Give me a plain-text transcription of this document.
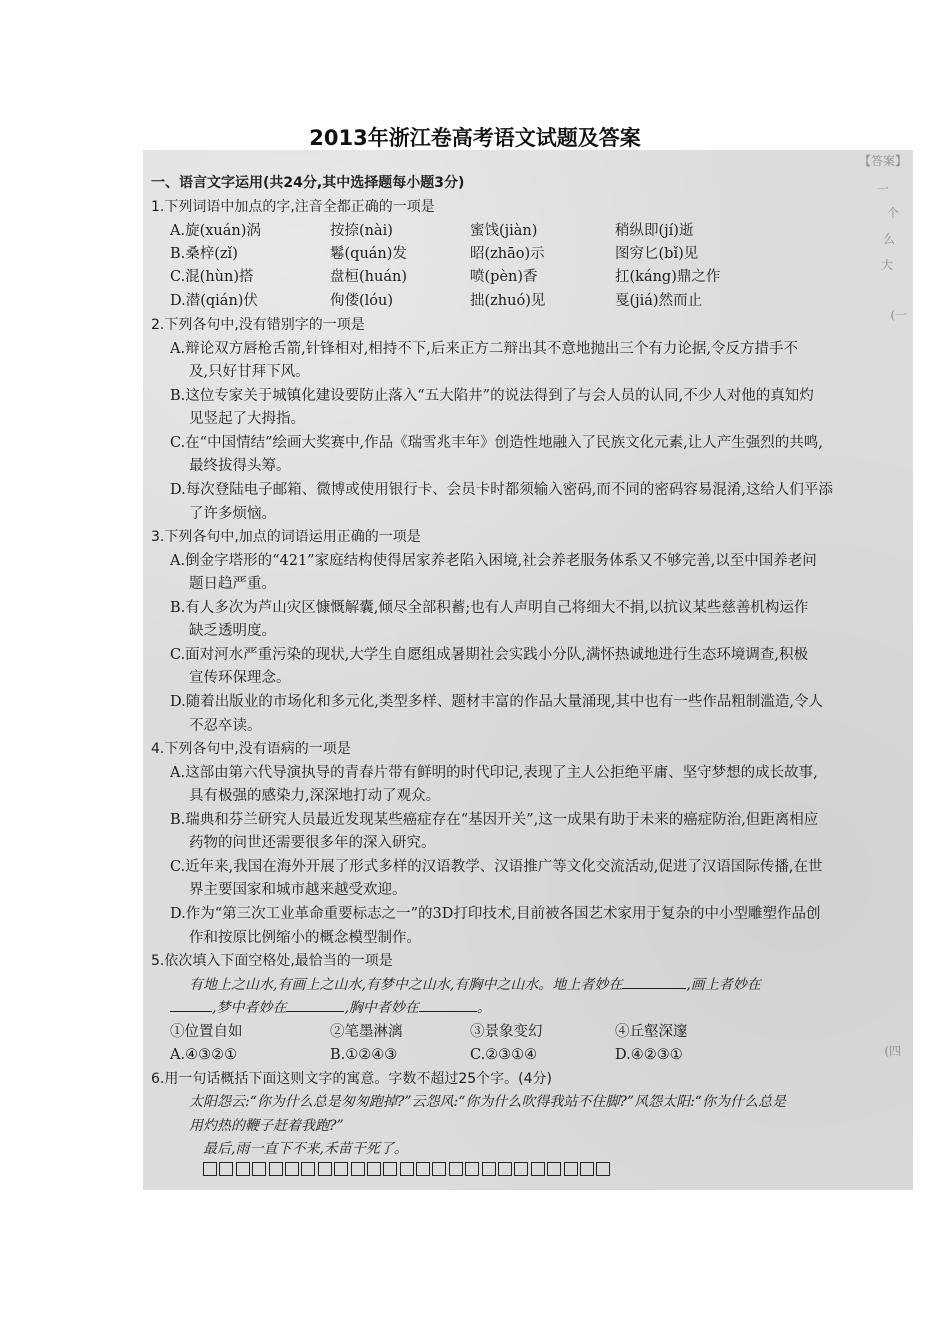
2013年浙江卷高考语文试题及答案
一、语言文字运用(共24分,其中选择题每小题3分)
1.下列词语中加点的字,注音全都正确的一项是
A.旋(xuán)涡	按捺(nài)	蜜饯(jiàn)	稍纵即(jí)逝
B.桑梓(zǐ)	鬈(quán)发	昭(zhāo)示	图穷匕(bǐ)见
C.混(hùn)搭	盘桓(huán)	喷(pèn)香	扛(káng)鼎之作
D.潜(qián)伏	佝偻(lóu)	拙(zhuó)见	戛(jiá)然而止
2.下列各句中,没有错别字的一项是
A.辩论双方唇枪舌箭,针锋相对,相持不下,后来正方二辩出其不意地抛出三个有力论据,令反方措手不
及,只好甘拜下风。
B.这位专家关于城镇化建设要防止落入“五大陷井”的说法得到了与会人员的认同,不少人对他的真知灼
见竖起了大拇指。
C.在“中国情结”绘画大奖赛中,作品《瑞雪兆丰年》创造性地融入了民族文化元素,让人产生强烈的共鸣,
最终拔得头筹。
D.每次登陆电子邮箱、微博或使用银行卡、会员卡时都须输入密码,而不同的密码容易混淆,这给人们平添
了许多烦恼。
3.下列各句中,加点的词语运用正确的一项是
A.倒金字塔形的“421”家庭结构使得居家养老陷入困境,社会养老服务体系又不够完善,以至中国养老问
题日趋严重。
B.有人多次为芦山灾区慷慨解囊,倾尽全部积蓄;也有人声明自己将细大不捐,以抗议某些慈善机构运作
缺乏透明度。
C.面对河水严重污染的现状,大学生自愿组成暑期社会实践小分队,满怀热诚地进行生态环境调查,积极
宣传环保理念。
D.随着出版业的市场化和多元化,类型多样、题材丰富的作品大量涌现,其中也有一些作品粗制滥造,令人
不忍卒读。
4.下列各句中,没有语病的一项是
A.这部由第六代导演执导的青春片带有鲜明的时代印记,表现了主人公拒绝平庸、坚守梦想的成长故事,
具有极强的感染力,深深地打动了观众。
B.瑞典和芬兰研究人员最近发现某些癌症存在“基因开关”,这一成果有助于未来的癌症防治,但距离相应
药物的问世还需要很多年的深入研究。
C.近年来,我国在海外开展了形式多样的汉语教学、汉语推广等文化交流活动,促进了汉语国际传播,在世
界主要国家和城市越来越受欢迎。
D.作为“第三次工业革命重要标志之一”的3D打印技术,目前被各国艺术家用于复杂的中小型雕塑作品创
作和按原比例缩小的概念模型制作。
5.依次填入下面空格处,最恰当的一项是
有地上之山水,有画上之山水,有梦中之山水,有胸中之山水。地上者妙在	,画上者妙在
,梦中者妙在	,胸中者妙在	。
①位置自如	②笔墨淋漓	③景象变幻	④丘壑深邃
A.④③②①	B.①②④③	C.②③①④	D.④②③①
6.用一句话概括下面这则文字的寓意。字数不超过25个字。(4分)
太阳怨云:“你为什么总是匆匆跑掉?”云怨风:“你为什么吹得我站不住脚?”风怨太阳:“你为什么总是
用灼热的鞭子赶着我跑?”
最后,雨一直下不来,禾苗干死了。
【答案】
一
个
么
大
(一
(四
